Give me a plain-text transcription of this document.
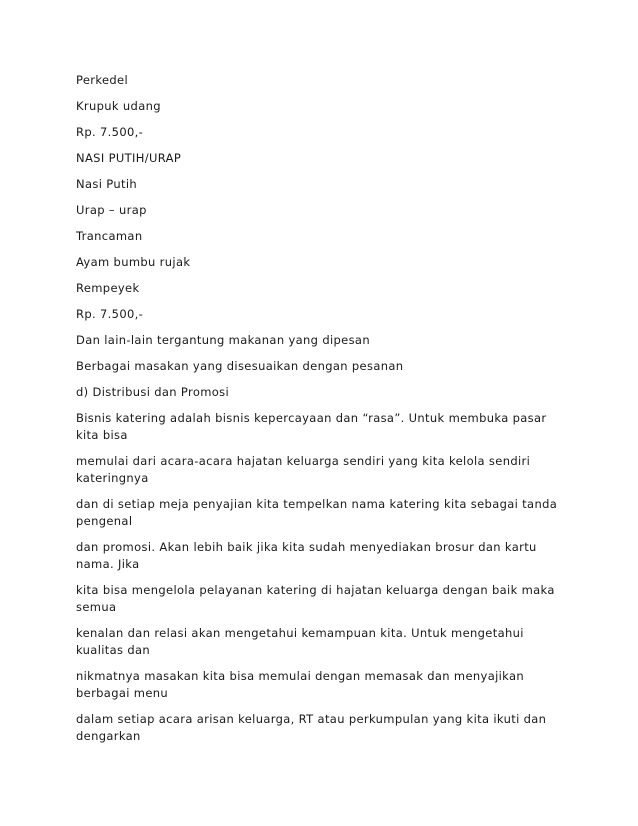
Perkedel

Krupuk udang

Rp. 7.500,-

NASI PUTIH/URAP

Nasi Putih

Urap – urap

Trancaman

Ayam bumbu rujak

Rempeyek

Rp. 7.500,-

Dan lain-lain tergantung makanan yang dipesan

Berbagai masakan yang disesuaikan dengan pesanan

d) Distribusi dan Promosi

Bisnis katering adalah bisnis kepercayaan dan “rasa”. Untuk membuka pasar kita bisa

memulai dari acara-acara hajatan keluarga sendiri yang kita kelola sendiri kateringnya

dan di setiap meja penyajian kita tempelkan nama katering kita sebagai tanda pengenal

dan promosi. Akan lebih baik jika kita sudah menyediakan brosur dan kartu nama. Jika

kita bisa mengelola pelayanan katering di hajatan keluarga dengan baik maka semua

kenalan dan relasi akan mengetahui kemampuan kita. Untuk mengetahui kualitas dan

nikmatnya masakan kita bisa memulai dengan memasak dan menyajikan berbagai menu

dalam setiap acara arisan keluarga, RT atau perkumpulan yang kita ikuti dan dengarkan
